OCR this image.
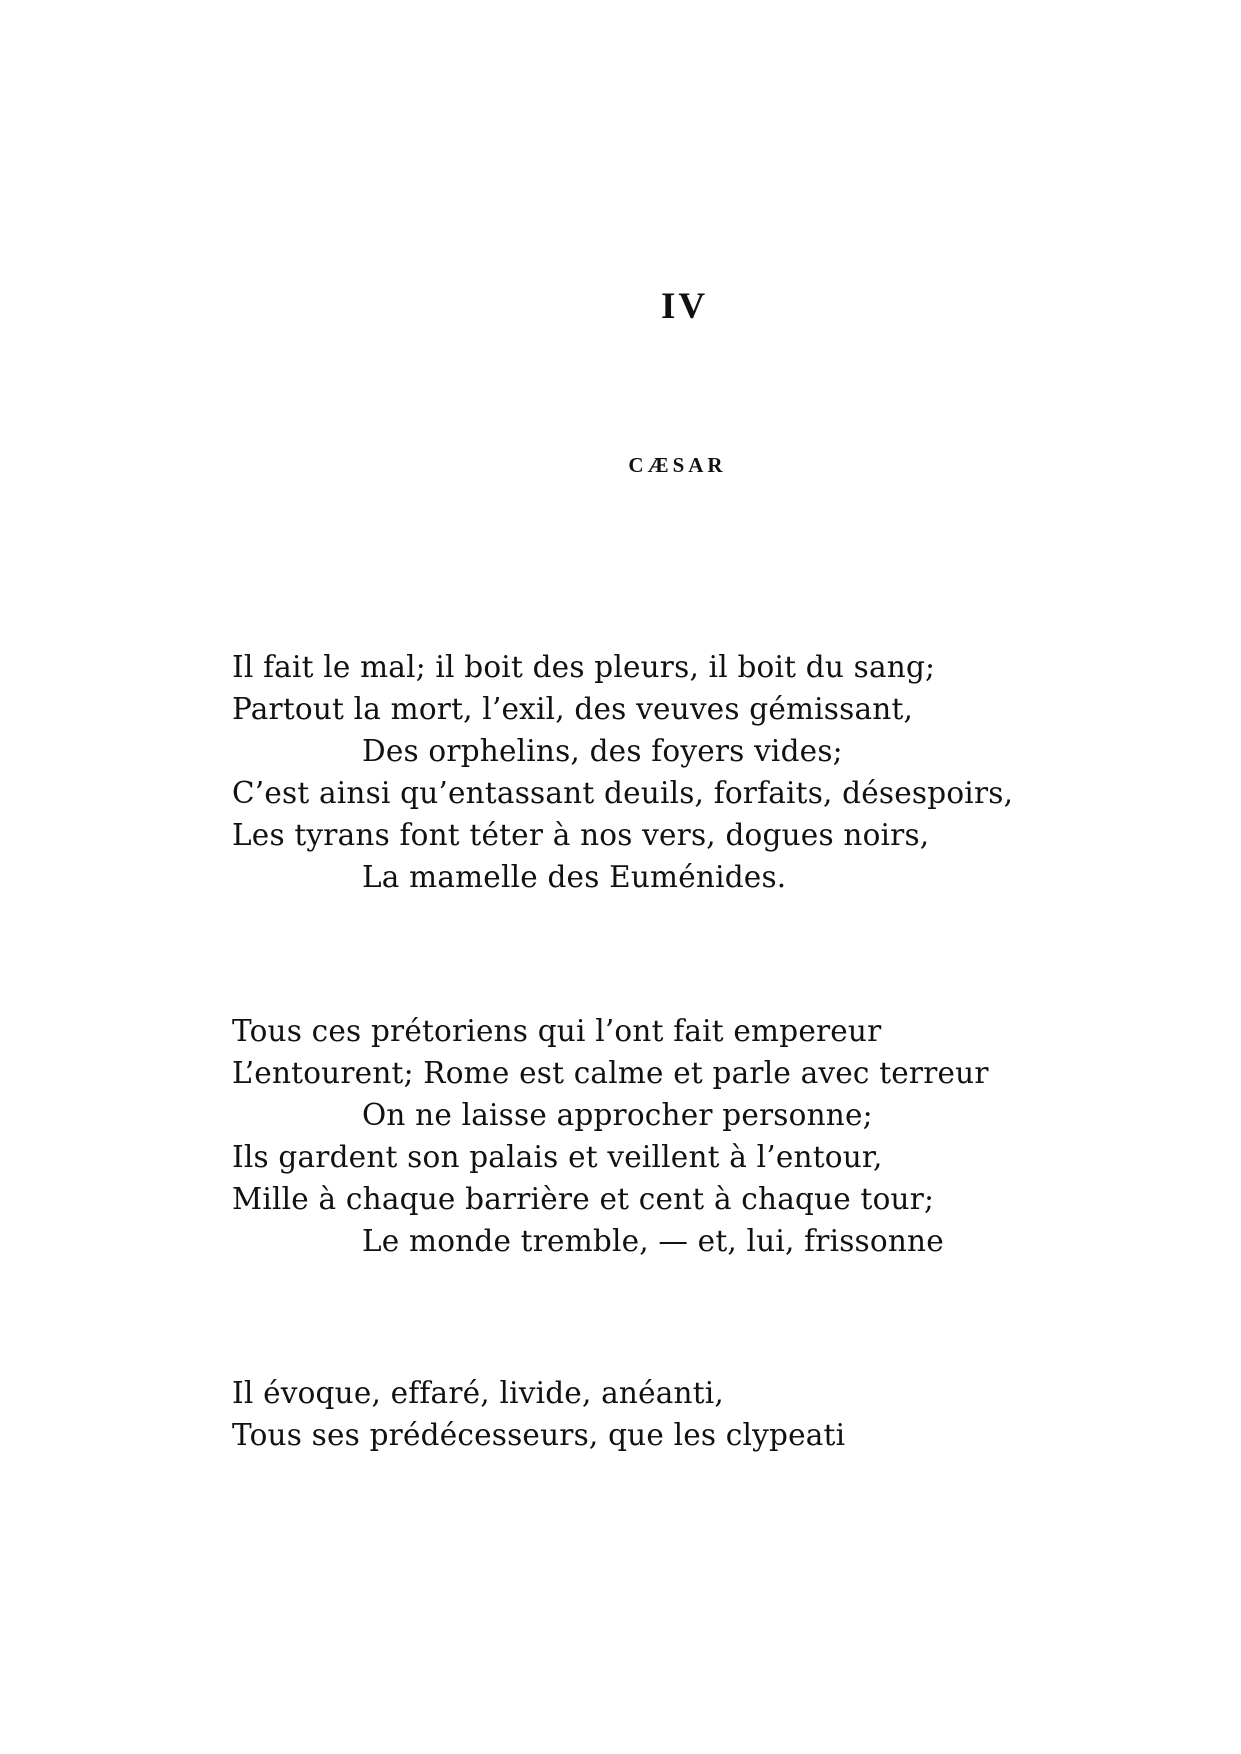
IV
CÆSAR
Il fait le mal; il boit des pleurs, il boit du sang;
Partout la mort, l’exil, des veuves gémissant,
Des orphelins, des foyers vides;
C’est ainsi qu’entassant deuils, forfaits, désespoirs,
Les tyrans font téter à nos vers, dogues noirs,
La mamelle des Euménides.
Tous ces prétoriens qui l’ont fait empereur
L’entourent; Rome est calme et parle avec terreur
On ne laisse approcher personne;
Ils gardent son palais et veillent à l’entour,
Mille à chaque barrière et cent à chaque tour;
Le monde tremble, — et, lui, frissonne
Il évoque, effaré, livide, anéanti,
Tous ses prédécesseurs, que les clypeati
